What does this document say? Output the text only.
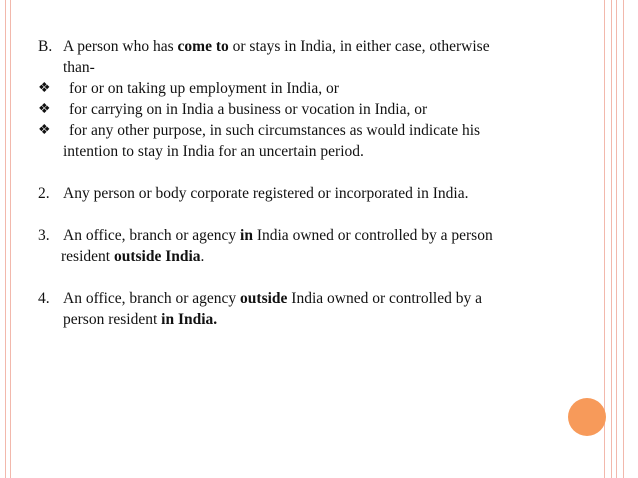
B. A person who has come to or stays in India, in either case, otherwise
than-
❖ for or on taking up employment in India, or
❖ for carrying on in India a business or vocation in India, or
❖ for any other purpose, in such circumstances as would indicate his
intention to stay in India for an uncertain period.
2. Any person or body corporate registered or incorporated in India.
3. An office, branch or agency in India owned or controlled by a person
resident outside India.
4. An office, branch or agency outside India owned or controlled by a
person resident in India.
